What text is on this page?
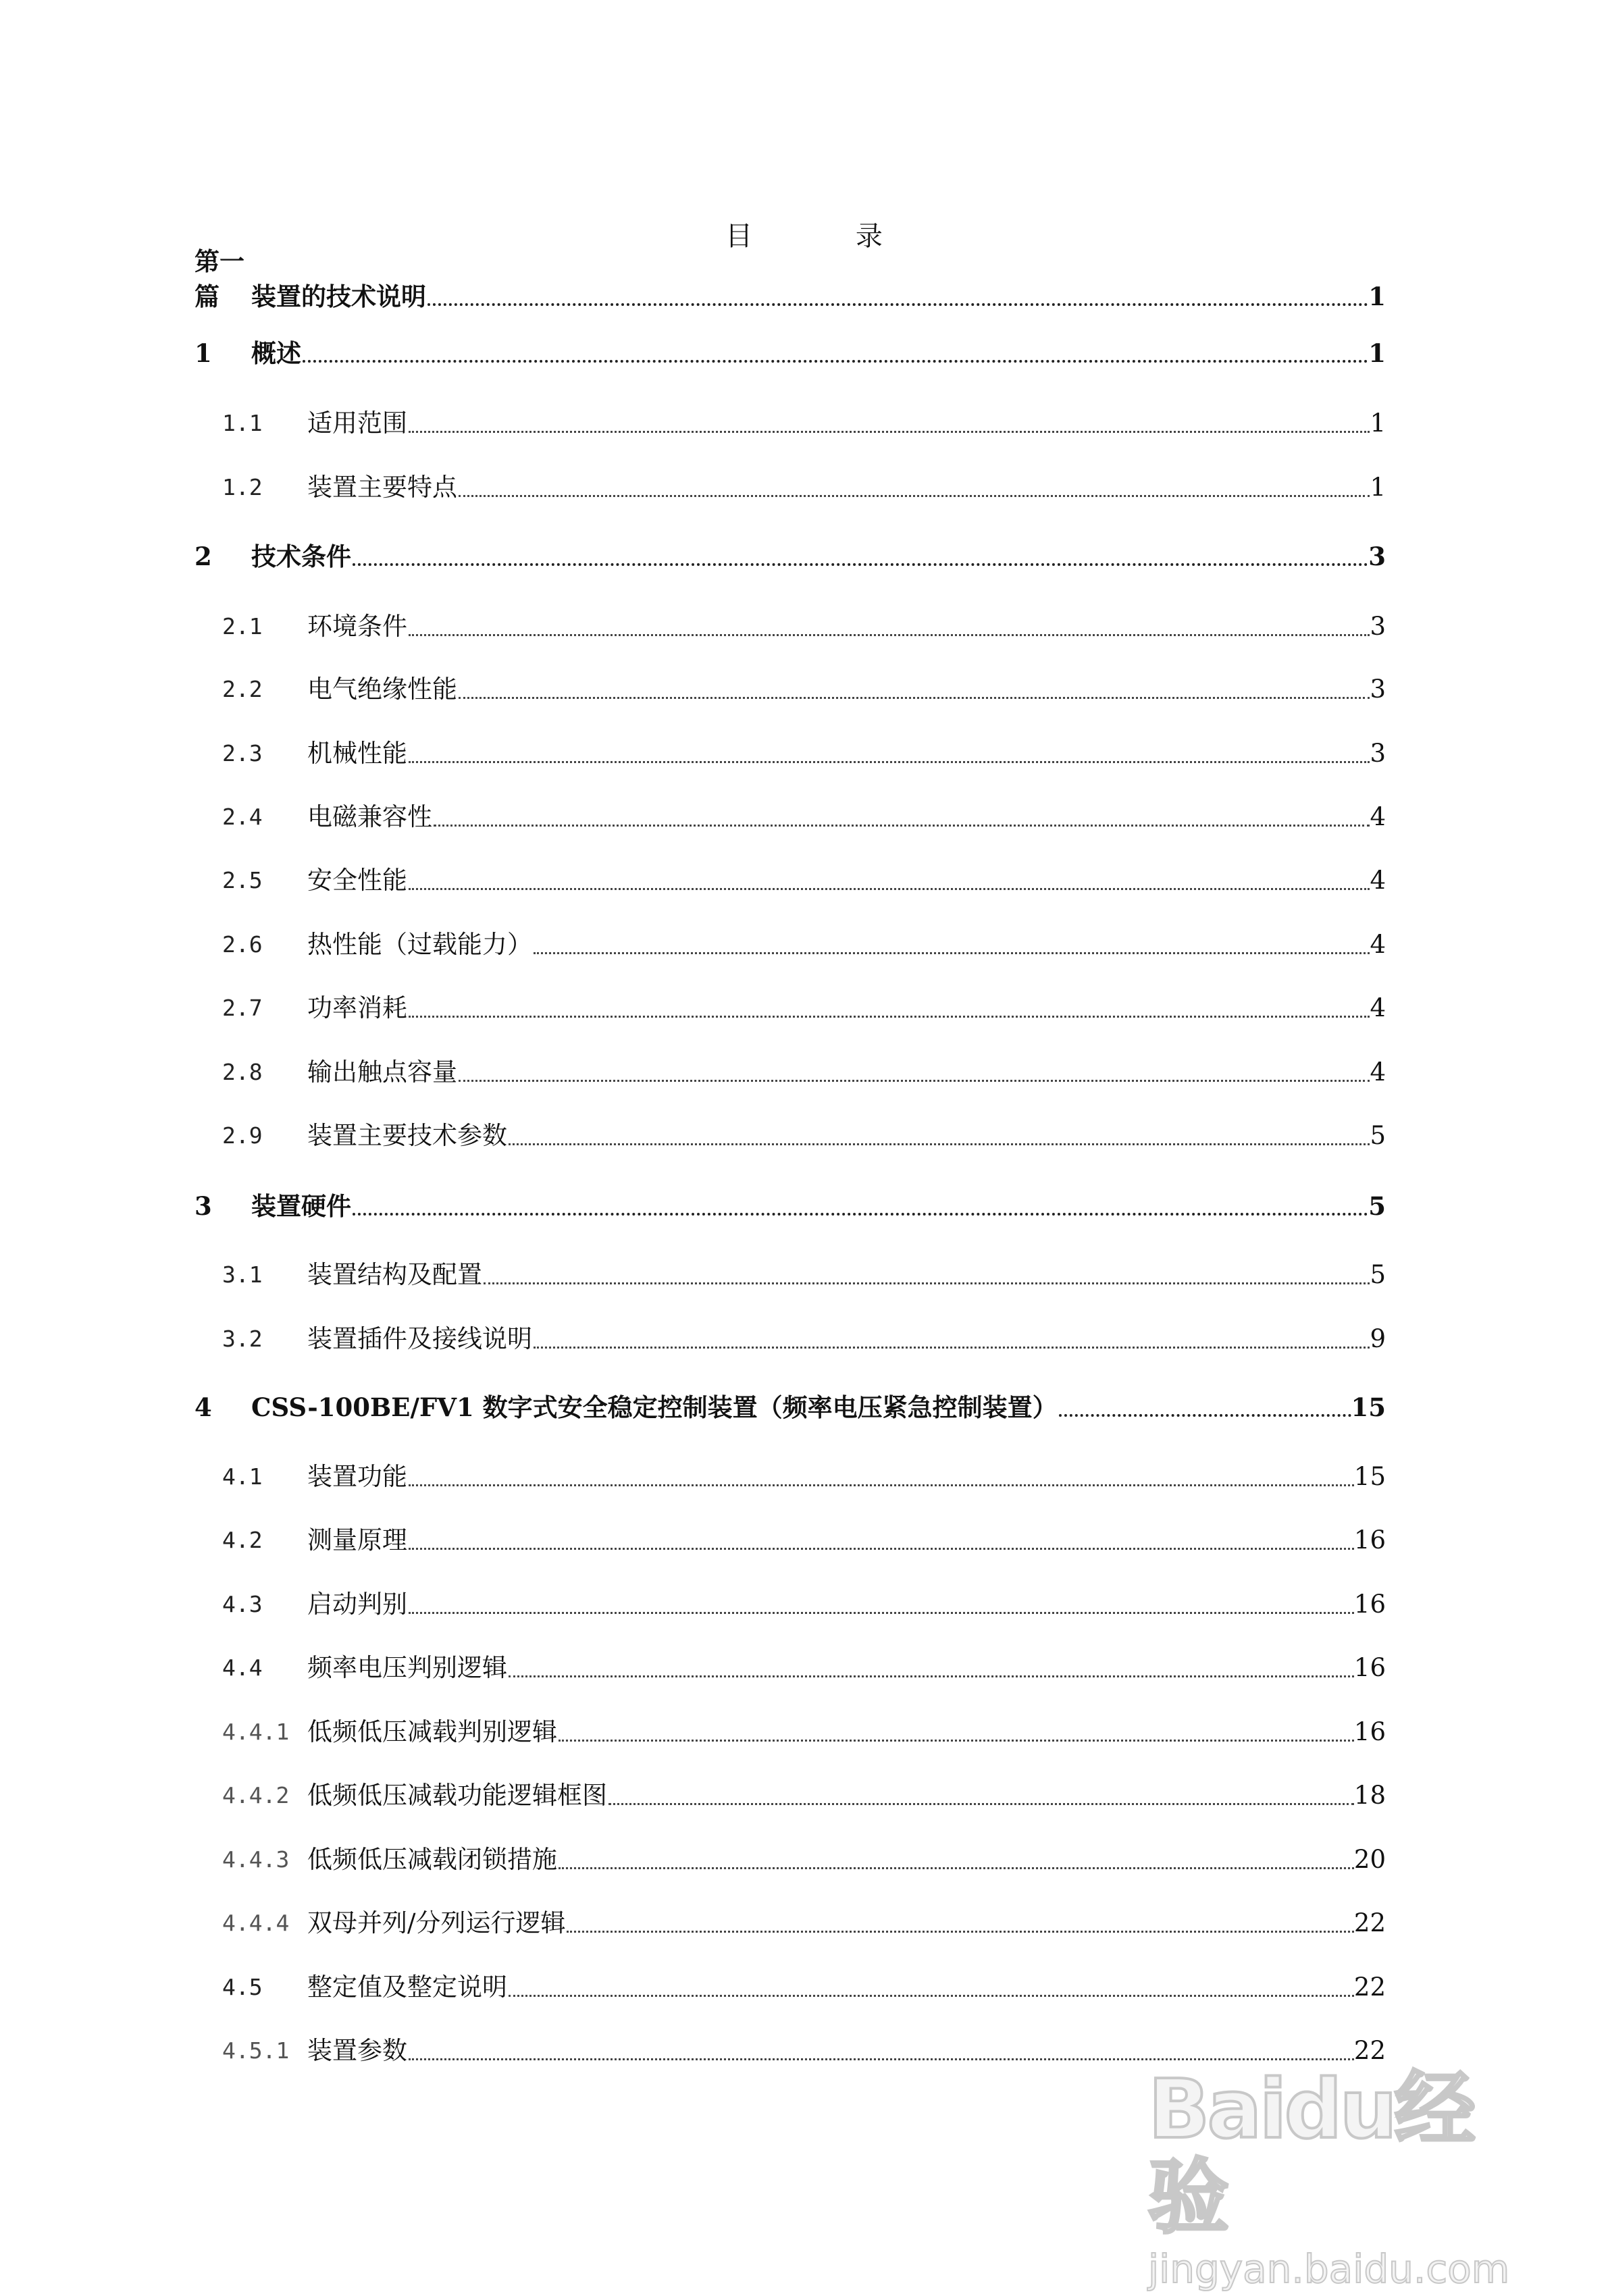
目 录
第一篇	装置的技术说明	1
1	概述	1
1.1 适用范围	1
1.2 装置主要特点	1
2	技术条件	3
2.1 环境条件	3
2.2 电气绝缘性能	3
2.3 机械性能	3
2.4 电磁兼容性	4
2.5 安全性能	4
2.6 热性能（过载能力）	4
2.7 功率消耗	4
2.8 输出触点容量	4
2.9 装置主要技术参数	5
3	装置硬件	5
3.1 装置结构及配置	5
3.2 装置插件及接线说明	9
4	CSS-100BE/FV1 数字式安全稳定控制装置（频率电压紧急控制装置）	15
4.1 装置功能	15
4.2 测量原理	16
4.3 启动判别	16
4.4 频率电压判别逻辑	16
4.4.1 低频低压减载判别逻辑	16
4.4.2 低频低压减载功能逻辑框图	18
4.4.3 低频低压减载闭锁措施	20
4.4.4 双母并列/分列运行逻辑	22
4.5 整定值及整定说明	22
4.5.1 装置参数	22
Baidu经验
jingyan.baidu.com
